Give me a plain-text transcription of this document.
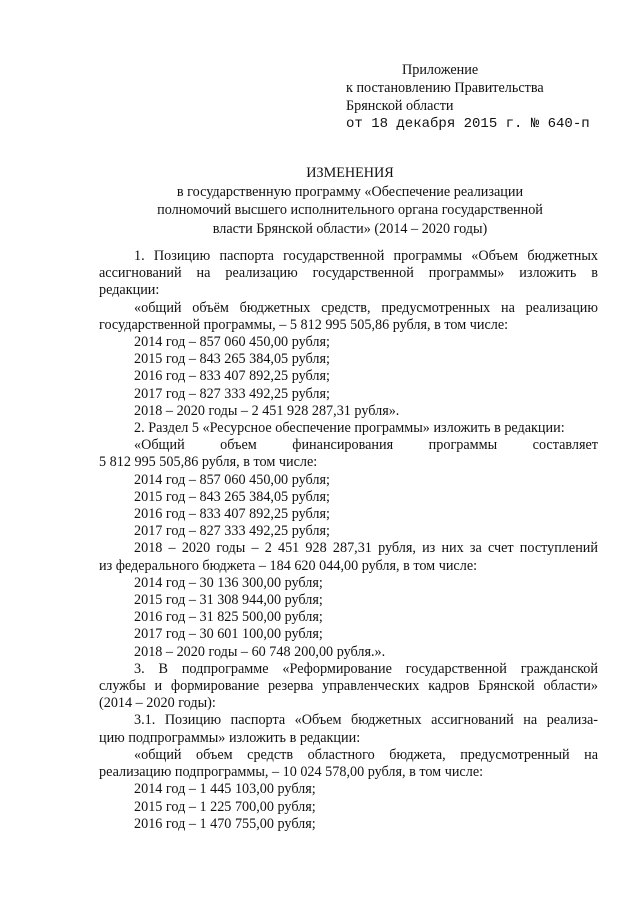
Приложение
к постановлению Правительства
Брянской области
от 18 декабря 2015 г. № 640-п
ИЗМЕНЕНИЯ
в государственную программу «Обеспечение реализации
полномочий высшего исполнительного органа государственной
власти Брянской области» (2014 – 2020 годы)
1. Позицию паспорта государственной программы «Объем бюджетных
ассигнований на реализацию государственной программы» изложить в
редакции:
«общий объём бюджетных средств, предусмотренных на реализацию
государственной программы, – 5 812 995 505,86 рубля, в том числе:
2014 год – 857 060 450,00 рубля;
2015 год – 843 265 384,05 рубля;
2016 год – 833 407 892,25 рубля;
2017 год – 827 333 492,25 рубля;
2018 – 2020 годы – 2 451 928 287,31 рубля».
2. Раздел 5 «Ресурсное обеспечение программы» изложить в редакции:
«Общий объем финансирования программы составляет
5 812 995 505,86 рубля, в том числе:
2014 год – 857 060 450,00 рубля;
2015 год – 843 265 384,05 рубля;
2016 год – 833 407 892,25 рубля;
2017 год – 827 333 492,25 рубля;
2018 – 2020 годы – 2 451 928 287,31 рубля, из них за счет поступлений
из федерального бюджета – 184 620 044,00 рубля, в том числе:
2014 год – 30 136 300,00 рубля;
2015 год – 31 308 944,00 рубля;
2016 год – 31 825 500,00 рубля;
2017 год – 30 601 100,00 рубля;
2018 – 2020 годы – 60 748 200,00 рубля.».
3. В подпрограмме «Реформирование государственной гражданской
службы и формирование резерва управленческих кадров Брянской области»
(2014 – 2020 годы):
3.1. Позицию паспорта «Объем бюджетных ассигнований на реализа-
цию подпрограммы» изложить в редакции:
«общий объем средств областного бюджета, предусмотренный на
реализацию подпрограммы, – 10 024 578,00 рубля, в том числе:
2014 год – 1 445 103,00 рубля;
2015 год – 1 225 700,00 рубля;
2016 год – 1 470 755,00 рубля;
